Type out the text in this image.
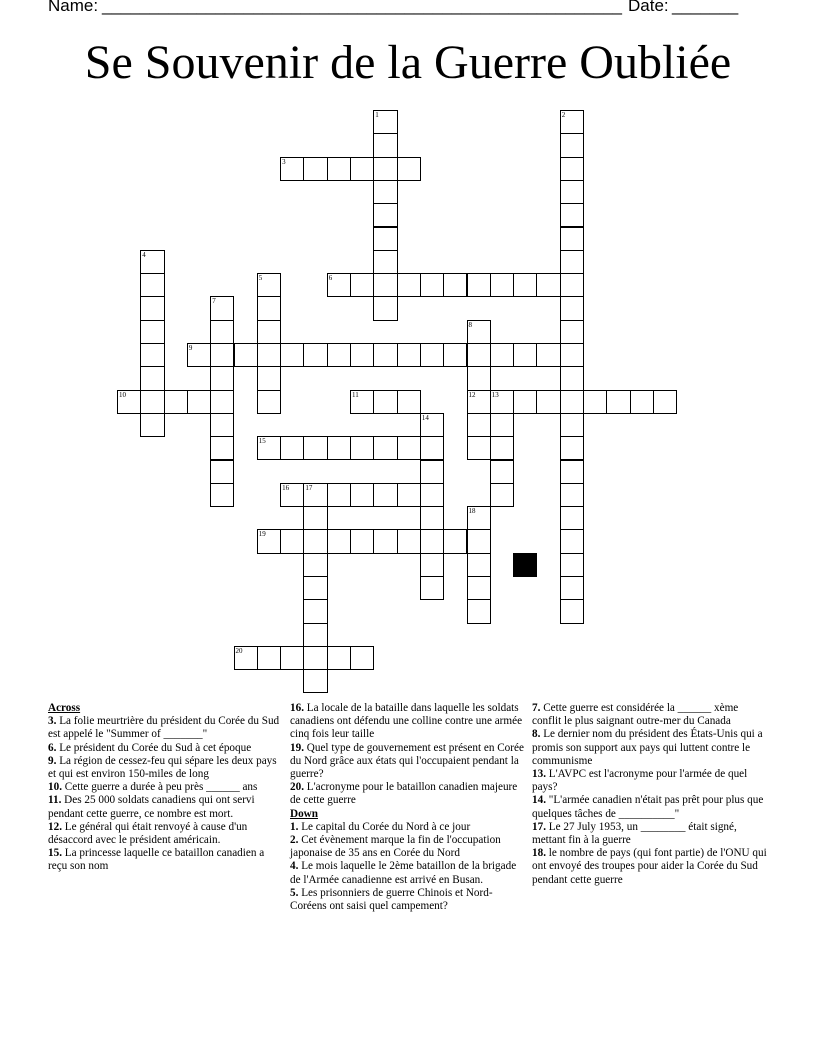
Name: _______________________________________________________ Date: _______
Se Souvenir de la Guerre Oubliée
1	2
3
4
5	6
7
8
9
10	11	12 13
14
15
16 17
18
19
20
Across
3. La folie meurtrière du président du Corée du Sud est appelé le "Summer of _______"
6. Le président du Corée du Sud à cet époque
9. La région de cessez-feu qui sépare les deux pays et qui est environ 150-miles de long
10. Cette guerre a durée à peu près ______ ans
11. Des 25 000 soldats canadiens qui ont servi pendant cette guerre, ce nombre est mort.
12. Le général qui était renvoyé à cause d'un désaccord avec le président américain.
15. La princesse laquelle ce bataillon canadien a reçu son nom
16. La locale de la bataille dans laquelle les soldats canadiens ont défendu une colline contre une armée cinq fois leur taille
19. Quel type de gouvernement est présent en Corée du Nord grâce aux états qui l'occupaient pendant la guerre?
20. L'acronyme pour le bataillon canadien majeure de cette guerre
Down
1. Le capital du Corée du Nord à ce jour
2. Cet évènement marque la fin de l'occupation japonaise de 35 ans en Corée du Nord
4. Le mois laquelle le 2ème bataillon de la brigade de l'Armée canadienne est arrivé en Busan.
5. Les prisonniers de guerre Chinois et Nord-Coréens ont saisi quel campement?
7. Cette guerre est considérée la ______ xème conflit le plus saignant outre-mer du Canada
8. Le dernier nom du président des États-Unis qui a promis son support aux pays qui luttent contre le communisme
13. L'AVPC est l'acronyme pour l'armée de quel pays?
14. "L'armée canadien n'était pas prêt pour plus que quelques tâches de __________"
17. Le 27 July 1953, un ________ était signé, mettant fin à la guerre
18. le nombre de pays (qui font partie) de l'ONU qui ont envoyé des troupes pour aider la Corée du Sud pendant cette guerre
